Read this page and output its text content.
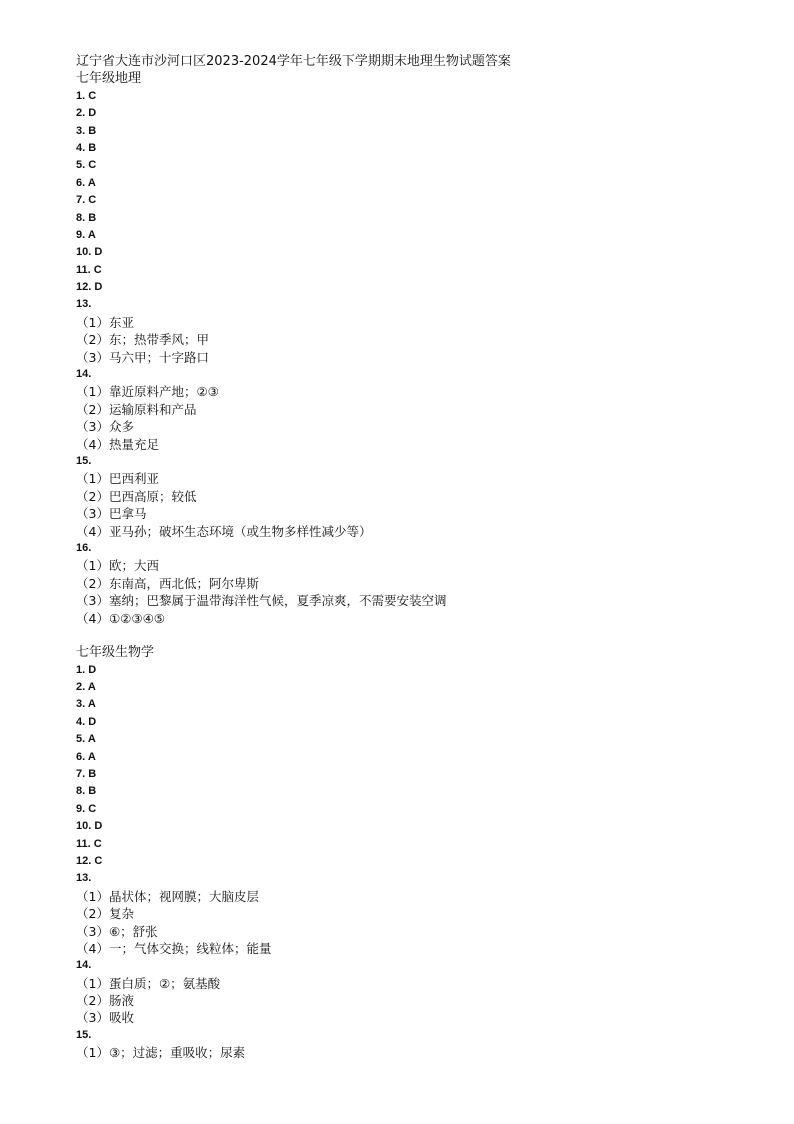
辽宁省大连市沙河口区2023-2024学年七年级下学期期末地理生物试题答案
七年级地理
1. C
2. D
3. B
4. B
5. C
6. A
7. C
8. B
9. A
10. D
11. C
12. D
13.
（1）东亚
（2）东；热带季风；甲
（3）马六甲；十字路口
14.
（1）靠近原料产地；②③
（2）运输原料和产品
（3）众多
（4）热量充足
15.
（1）巴西利亚
（2）巴西高原；较低
（3）巴拿马
（4）亚马孙；破坏生态环境（或生物多样性减少等）
16.
（1）欧；大西
（2）东南高，西北低；阿尔卑斯
（3）塞纳；巴黎属于温带海洋性气候，夏季凉爽，不需要安装空调
（4）①②③④⑤
七年级生物学
1. D
2. A
3. A
4. D
5. A
6. A
7. B
8. B
9. C
10. D
11. C
12. C
13.
（1）晶状体；视网膜；大脑皮层
（2）复杂
（3）⑥；舒张
（4）一；气体交换；线粒体；能量
14.
（1）蛋白质；②；氨基酸
（2）肠液
（3）吸收
15.
（1）③；过滤；重吸收；尿素
